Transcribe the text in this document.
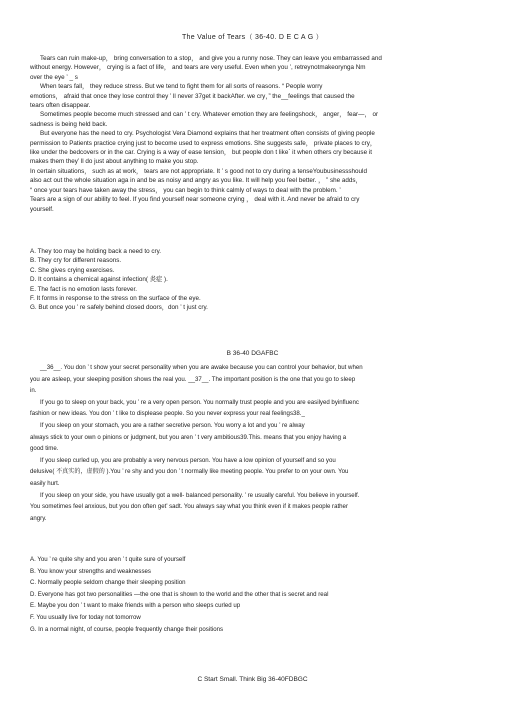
The Value of Tears（ 36-40. D E C A G ）

Tears can ruin make-up， bring conversation to a stop， and give you a runny nose. They can leave you embarrassed and

without energy. However， crying is a fact of life， and tears are very useful. Even when you ’, retreynotmakeorynga Nm

over the eye ʼ _ s

When tears fall， they reduce stress. But we tend to fight them for all sorts of reasons. “ People worry

emotions， afraid that once they lose control they ’ ll never 37get it backAfter. we cry，” the__feelings that caused the

tears often disappear.

Sometimes people become much stressed and can ’ t cry. Whatever emotion they are feelingshock， anger， fear—， or

sadness is being held back.

But everyone has the need to cry. Psychologist Vera Diamond explains that her treatment often consists of giving people

permission to Patients practice crying just to become used to express emotions. She suggests safe， private places to cry，

like under the bedcovers or in the car. Crying is a way of ease tension， but people don t likeˋ it when others cry because it

makes them they’ ll do just about anything to make you stop.

In certain situations， such as at work， tears are not appropriate. It ’ s good not to cry during a tenseYoubusinessshould

also act out the whole situation aga in and be as noisy and angry as you like. It will help you feel better. ， ” she adds，

“ once your tears have taken away the stress， you can begin to think calmly of ways to deal with the problem. ʼ

Tears are a sign of our ability to feel. If you find yourself near someone crying ， deal with it. And never be afraid to cry

yourself.

A. They too may be holding back a need to cry.

B. They cry for different reasons.

C. She gives crying exercises.

D. It contains a chemical against infection( 炎症 ).

E. The fact is no emotion lasts forever.

F. It forms in response to the stress on the surface of the eye.

G. But once you ’ re safely behind closed doors，don ’ t just cry.

B 36-40 DGAFBC

__36__. You don ’ t show your secret personality when you are awake because you can control your behavior, but when

you are asleep, your sleeping position shows the real you. __37__. The important position is the one that you go to sleep

in.

If you go to sleep on your back, you ’ re a very open person. You normally trust people and you are easilyed byinfluenc

fashion or new ideas. You don ’ t like to displease people. So you never express your real feelings38._

If you sleep on your stomach, you are a rather secretive person. You worry a lot and you ’ re alway

always stick to your own o pinions or judgment, but you aren ’ t very ambitious39.This. means that you enjoy having a

good time.

If you sleep curled up, you are probably a very nervous person. You have a low opinion of yourself and so you

delusive( 不真实的，虚假的 ).You ’ re shy and you don ’ t normally like meeting people. You prefer to on your own. You

easily hurt.

If you sleep on your side, you have usually got a well- balanced personality. ’ re usually careful. You believe in yourself.

You sometimes feel anxious, but you don often get’ sadt. You always say what you think even if it makes people rather

angry.

A. You ’ re quite shy and you aren ’ t quite sure of yourself

B. You know your strengths and weaknesses

C. Normally people seldom change their sleeping position

D. Everyone has got two personalities —the one that is shown to the world and the other that is secret and real

E. Maybe you don ’ t want to make friends with a person who sleeps curled up

F. You usually live for today not tomorrow

G. In a normal night, of course, people frequently change their positions

C Start Small. Think Big 36-40FDBGC
